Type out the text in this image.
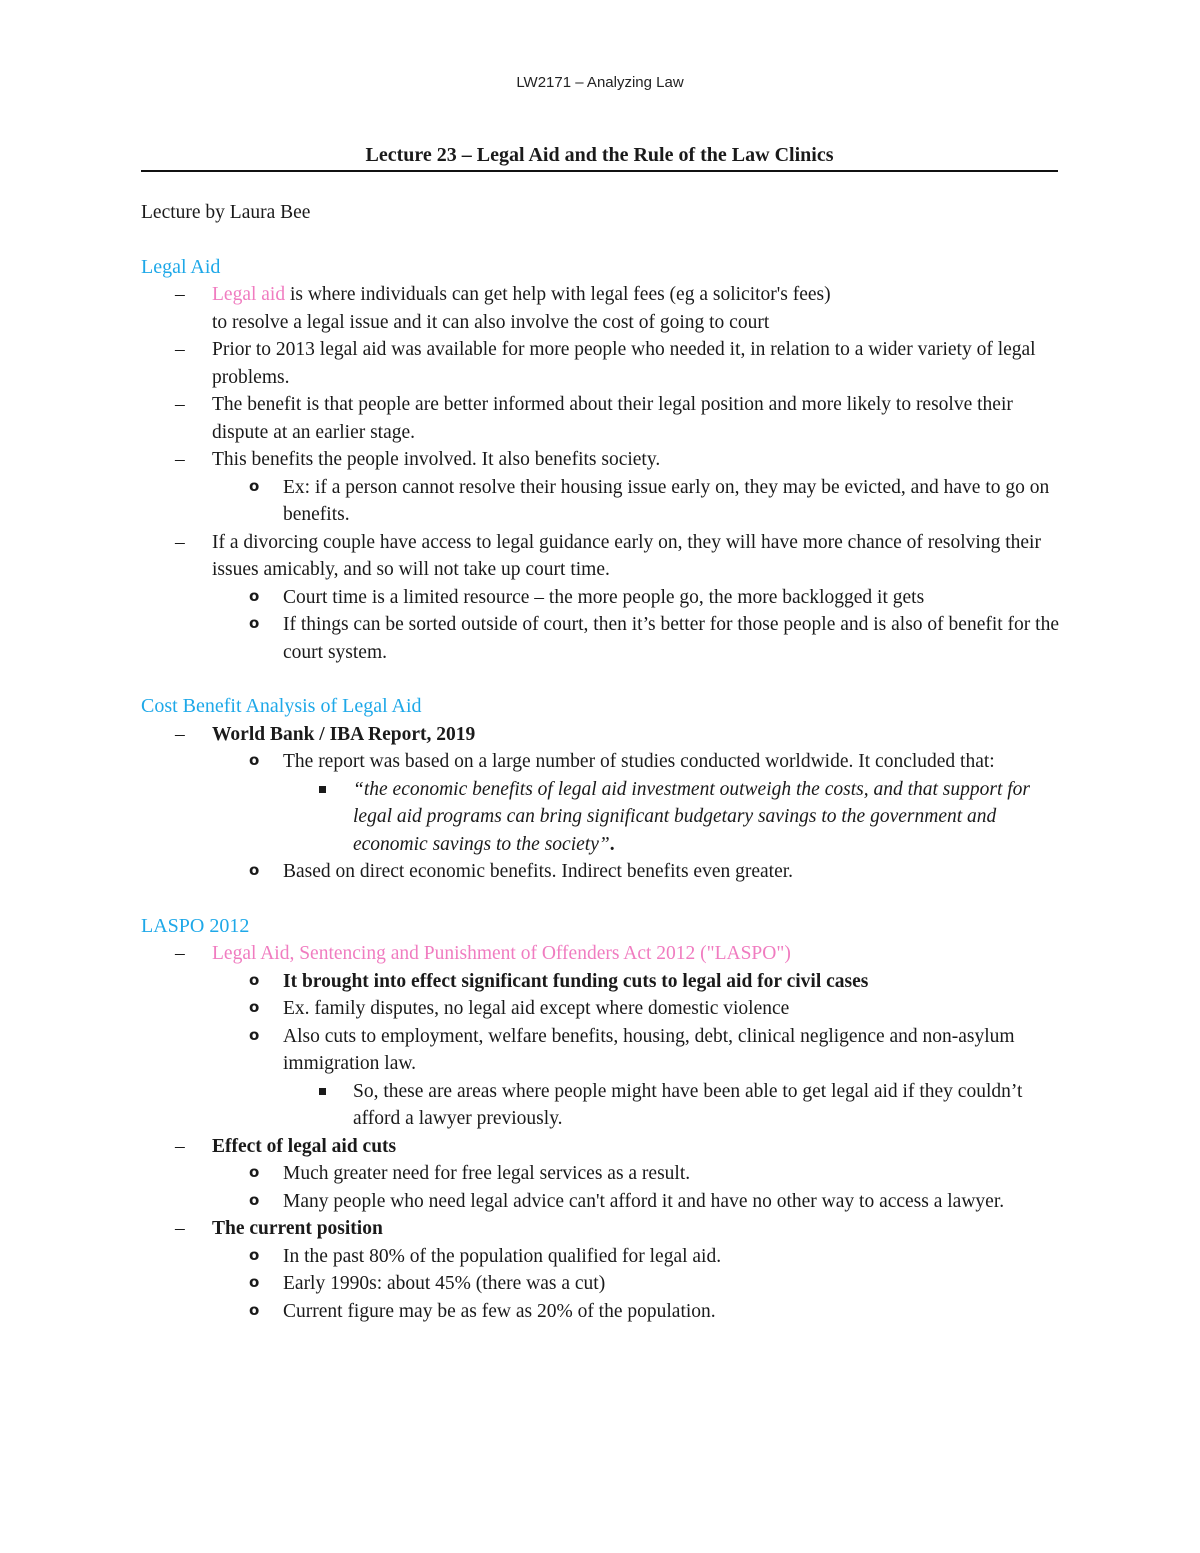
LW2171 – Analyzing Law
Lecture 23 – Legal Aid and the Rule of the Law Clinics

Lecture by Laura Bee

Legal Aid

– Legal aid is where individuals can get help with legal fees (eg a solicitor's fees)
to resolve a legal issue and it can also involve the cost of going to court
– Prior to 2013 legal aid was available for more people who needed it, in relation to a wider variety of legal problems.
– The benefit is that people are better informed about their legal position and more likely to resolve their dispute at an earlier stage.
– This benefits the people involved. It also benefits society.
o Ex: if a person cannot resolve their housing issue early on, they may be evicted, and have to go on benefits.
– If a divorcing couple have access to legal guidance early on, they will have more chance of resolving their issues amicably, and so will not take up court time.
o Court time is a limited resource – the more people go, the more backlogged it gets
o If things can be sorted outside of court, then it’s better for those people and is also of benefit for the court system.

Cost Benefit Analysis of Legal Aid

– World Bank / IBA Report, 2019
o The report was based on a large number of studies conducted worldwide. It concluded that:
“the economic benefits of legal aid investment outweigh the costs, and that support for legal aid programs can bring significant budgetary savings to the government and economic savings to the society”.
o Based on direct economic benefits. Indirect benefits even greater.

LASPO 2012

– Legal Aid, Sentencing and Punishment of Offenders Act 2012 ("LASPO")
o It brought into effect significant funding cuts to legal aid for civil cases
o Ex. family disputes, no legal aid except where domestic violence
o Also cuts to employment, welfare benefits, housing, debt, clinical negligence and non-asylum immigration law.
So, these are areas where people might have been able to get legal aid if they couldn’t afford a lawyer previously.
– Effect of legal aid cuts
o Much greater need for free legal services as a result.
o Many people who need legal advice can't afford it and have no other way to access a lawyer.
– The current position
o In the past 80% of the population qualified for legal aid.
o Early 1990s: about 45% (there was a cut)
o Current figure may be as few as 20% of the population.
